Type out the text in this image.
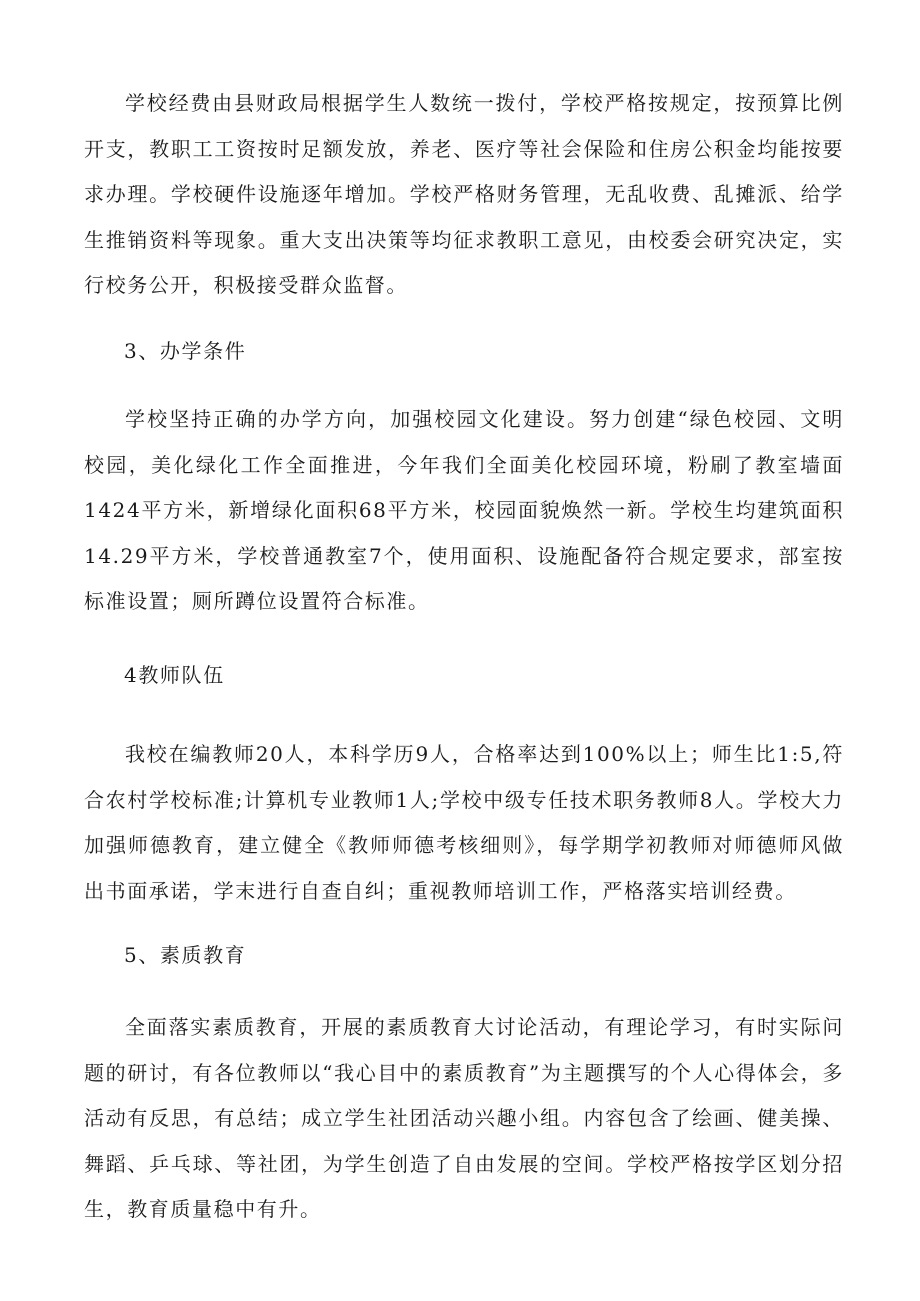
学校经费由县财政局根据学生人数统一拨付，学校严格按规定，按预算比例开支，教职工工资按时足额发放，养老、医疗等社会保险和住房公积金均能按要求办理。学校硬件设施逐年增加。学校严格财务管理，无乱收费、乱摊派、给学生推销资料等现象。重大支出决策等均征求教职工意见，由校委会研究决定，实行校务公开，积极接受群众监督。

3、办学条件

学校坚持正确的办学方向，加强校园文化建设。努力创建“绿色校园、文明校园，美化绿化工作全面推进，今年我们全面美化校园环境，粉刷了教室墙面1424平方米，新增绿化面积68平方米，校园面貌焕然一新。学校生均建筑面积14.29平方米，学校普通教室7个，使用面积、设施配备符合规定要求，部室按标准设置；厕所蹲位设置符合标准。

4教师队伍

我校在编教师20人，本科学历9人，合格率达到100%以上；师生比1:5,符合农村学校标准;计算机专业教师1人;学校中级专任技术职务教师8人。学校大力加强师德教育，建立健全《教师师德考核细则》，每学期学初教师对师德师风做出书面承诺，学末进行自查自纠；重视教师培训工作，严格落实培训经费。

5、素质教育

全面落实素质教育，开展的素质教育大讨论活动，有理论学习，有时实际问题的研讨，有各位教师以“我心目中的素质教育”为主题撰写的个人心得体会，多活动有反思，有总结；成立学生社团活动兴趣小组。内容包含了绘画、健美操、舞蹈、乒乓球、等社团，为学生创造了自由发展的空间。学校严格按学区划分招生，教育质量稳中有升。
